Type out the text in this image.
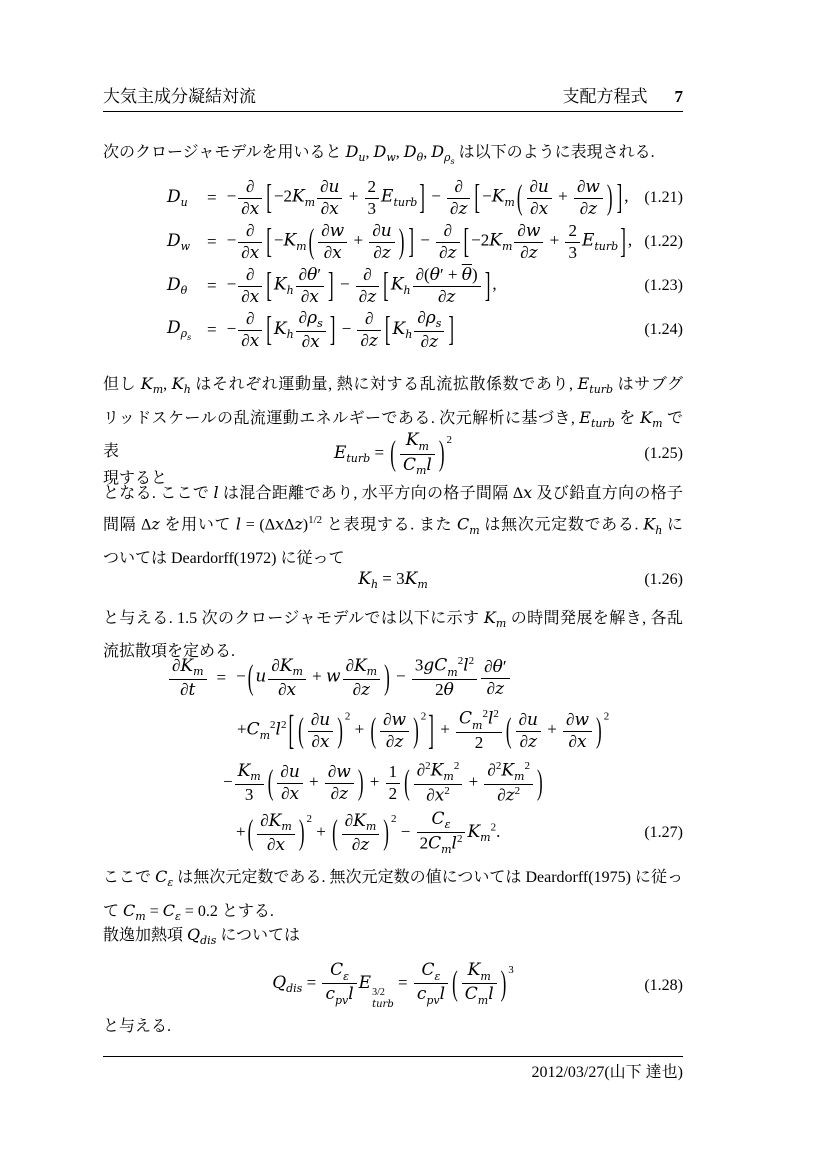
大気主成分凝結対流	支配方程式 7
次のクロージャモデルを用いると $D_u$, $D_w$, $D_\theta$, $D_{\rho_s}$ は以下のように表現される.
$D_u$	= − ∂
∂x [ $-2K_m \frac{\partial u}{\partial x} + \frac{2}{3} E_{turb}$ ] − ∂
∂z [ $-K_m$ ( $\frac{\partial u}{\partial x} + \frac{\partial w}{\partial z}$ ) ] , (1.21)
$D_w$ = − ∂
∂x [ $-K_m$ ( $\frac{\partial w}{\partial x} + \frac{\partial u}{\partial z}$ ) ] − ∂
∂z [ $-2K_m \frac{\partial w}{\partial z} + \frac{2}{3} E_{turb}$ ] , (1.22)
$D_\theta$	= − ∂
∂x [ $K_h \frac{\partial\theta'}{\partial x}$ ] − ∂
∂z [ $K_h \frac{\partial(\theta' + \overline{\theta})}{\partial z}$ ] ,	(1.23)
$D_{\rho_s}$ = − ∂
∂x [ $K_h \frac{\partial\rho_s}{\partial x}$ ] − ∂
∂z [ $K_h \frac{\partial\rho_s}{\partial z}$ ]	(1.24)
但し $K_m$, $K_h$ はそれぞれ運動量, 熱に対する乱流拡散係数であり, $E_{turb}$ はサブグ
リッドスケールの乱流運動エネルギーである. 次元解析に基づき, $E_{turb}$ を $K_m$ で表
現すると
$E_{turb}$ = ( $K_m$
$C_ml$ ) $^2$
(1.25)
となる. ここで l は混合距離であり, 水平方向の格子間隔 Δx 及び鉛直方向の格子
間隔 Δz を用いて $l = (\Delta x\Delta z)^{1/2}$ と表現する. また $C_m$ は無次元定数である. $K_h$ に
ついては Deardorff(1972) に従って
$K_h = 3K_m$	(1.26)
と与える. 1.5 次のクロージャモデルでは以下に示す $K_m$ の時間発展を解き, 各乱
流拡散項を定める.
$\frac{\partial K_m}{\partial t}$ = − ( u $\frac{\partial K_m}{\partial x} + w \frac{\partial K_m}{\partial z}$ ) −
$3gC_m^2l^2$
$2\overline{\theta}$	$\frac{\partial\theta'}{\partial z}$
$+C_m^2l^2$ [ ( $\frac{\partial u}{\partial x}$ ) $^2$ + ( $\frac{\partial w}{\partial z}$ ) $^2$ ] + $\frac{C_m^2l^2}{2}$ ( $\frac{\partial u}{\partial z} + \frac{\partial w}{\partial x}$ ) $^2$
− $\frac{K_m}{3}$ ( $\frac{\partial u}{\partial x} + \frac{\partial w}{\partial z}$ ) + $\frac{1}{2}$ ( $\frac{\partial^2K_m^2}{\partial x^2} + \frac{\partial^2K_m^2}{\partial z^2}$ )
+ ( $\frac{\partial K_m}{\partial x}$ ) $^2$ + ( $\frac{\partial K_m}{\partial z}$ ) $^2$ −
$C_\varepsilon$
$2C_ml^2$ $K_m^2$.	(1.27)
ここで $C_\varepsilon$ は無次元定数である. 無次元定数の値については Deardorff(1975) に従っ
て $C_m = C_\varepsilon = 0.2$ とする.
散逸加熱項 $Q_{dis}$ については
$Q_{dis}$ =
$C_\varepsilon$
$c_{pv}l$
E 3/2
turb
=
$C_\varepsilon$
$c_{pv}l$ ( $K_m$
$C_ml$ ) $^3$
(1.28)
と与える.
2012/03/27(山下 達也)
